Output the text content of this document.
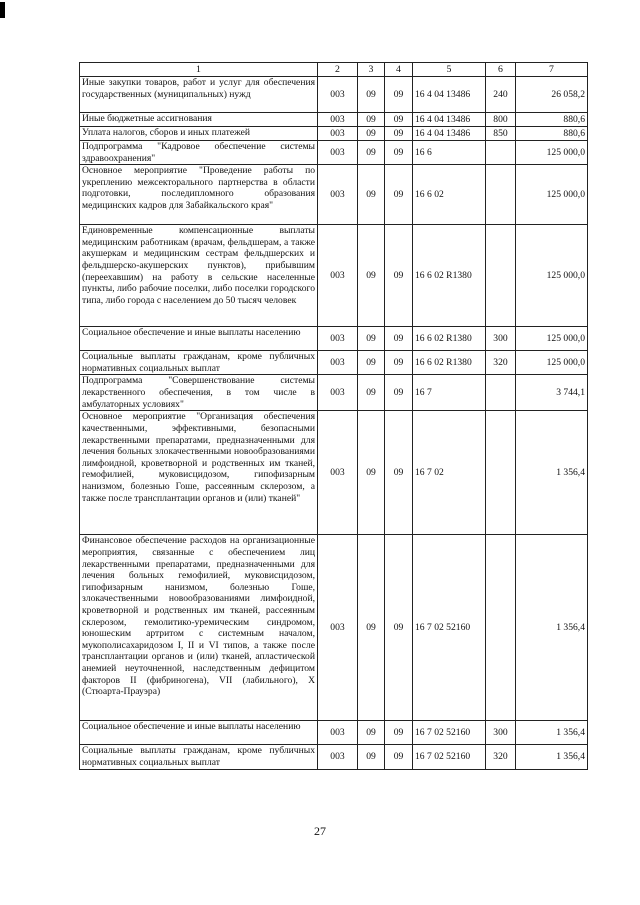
1	2	3	4	5	6	7
Иные закупки товаров, работ и услуг для обеспечения государственных (муниципальных) нужд	003	09	09	16 4 04 13486	240	26 058,2
Иные бюджетные ассигнования	003	09	09	16 4 04 13486	800	880,6
Уплата налогов, сборов и иных платежей	003	09	09	16 4 04 13486	850	880,6
Подпрограмма "Кадровое обеспечение системы здравоохранения"	003	09	09	16 6		125 000,0
Основное мероприятие "Проведение работы по укреплению межсекторального партнерства в области подготовки, последипломного образования медицинских кадров для Забайкальского края"	003	09	09	16 6 02		125 000,0
Единовременные компенсационные выплаты медицинским работникам (врачам, фельдшерам, а также акушеркам и медицинским сестрам фельдшерских и фельдшерско-акушерских пунктов), прибывшим (переехавшим) на работу в сельские населенные пункты, либо рабочие поселки, либо поселки городского типа, либо города с населением до 50 тысяч человек	003	09	09	16 6 02 R1380		125 000,0
Социальное обеспечение и иные выплаты населению	003	09	09	16 6 02 R1380	300	125 000,0
Социальные выплаты гражданам, кроме публичных нормативных социальных выплат	003	09	09	16 6 02 R1380	320	125 000,0
Подпрограмма "Совершенствование системы лекарственного обеспечения, в том числе в амбулаторных условиях"	003	09	09	16 7		3 744,1
Основное мероприятие "Организация обеспечения качественными, эффективными, безопасными лекарственными препаратами, предназначенными для лечения больных злокачественными новообразованиями лимфоидной, кроветворной и родственных им тканей, гемофилией, муковисцидозом, гипофизарным нанизмом, болезнью Гоше, рассеянным склерозом, а также после трансплантации органов и (или) тканей"	003	09	09	16 7 02		1 356,4
Финансовое обеспечение расходов на организационные мероприятия, связанные с обеспечением лиц лекарственными препаратами, предназначенными для лечения больных гемофилией, муковисцидозом, гипофизарным нанизмом, болезнью Гоше, злокачественными новообразованиями лимфоидной, кроветворной и родственных им тканей, рассеянным склерозом, гемолитико-уремическим синдромом, юношеским артритом с системным началом, мукополисахаридозом I, II и VI типов, а также после трансплантации органов и (или) тканей, апластической анемией неуточненной, наследственным дефицитом факторов II (фибриногена), VII (лабильного), X (Стюарта-Прауэра)	003	09	09	16 7 02 52160		1 356,4
Социальное обеспечение и иные выплаты населению	003	09	09	16 7 02 52160	300	1 356,4
Социальные выплаты гражданам, кроме публичных нормативных социальных выплат	003	09	09	16 7 02 52160	320	1 356,4
27
